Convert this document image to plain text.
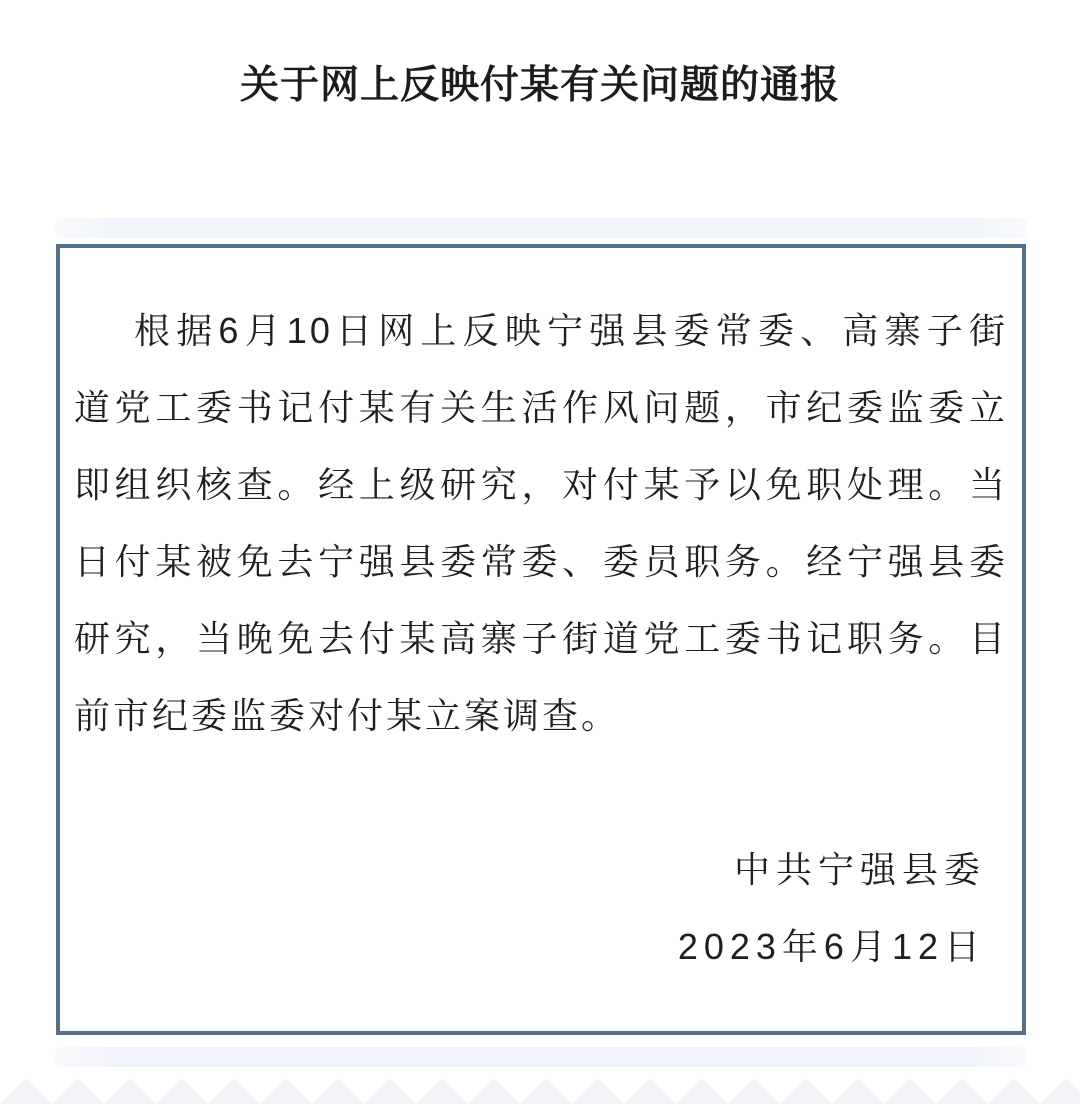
关于网上反映付某有关问题的通报
根据6月10日网上反映宁强县委常委、高寨子街
道党工委书记付某有关生活作风问题，市纪委监委立
即组织核查。经上级研究，对付某予以免职处理。当
日付某被免去宁强县委常委、委员职务。经宁强县委
研究，当晚免去付某高寨子街道党工委书记职务。目
前市纪委监委对付某立案调查。
中共宁强县委
2023年6月12日
